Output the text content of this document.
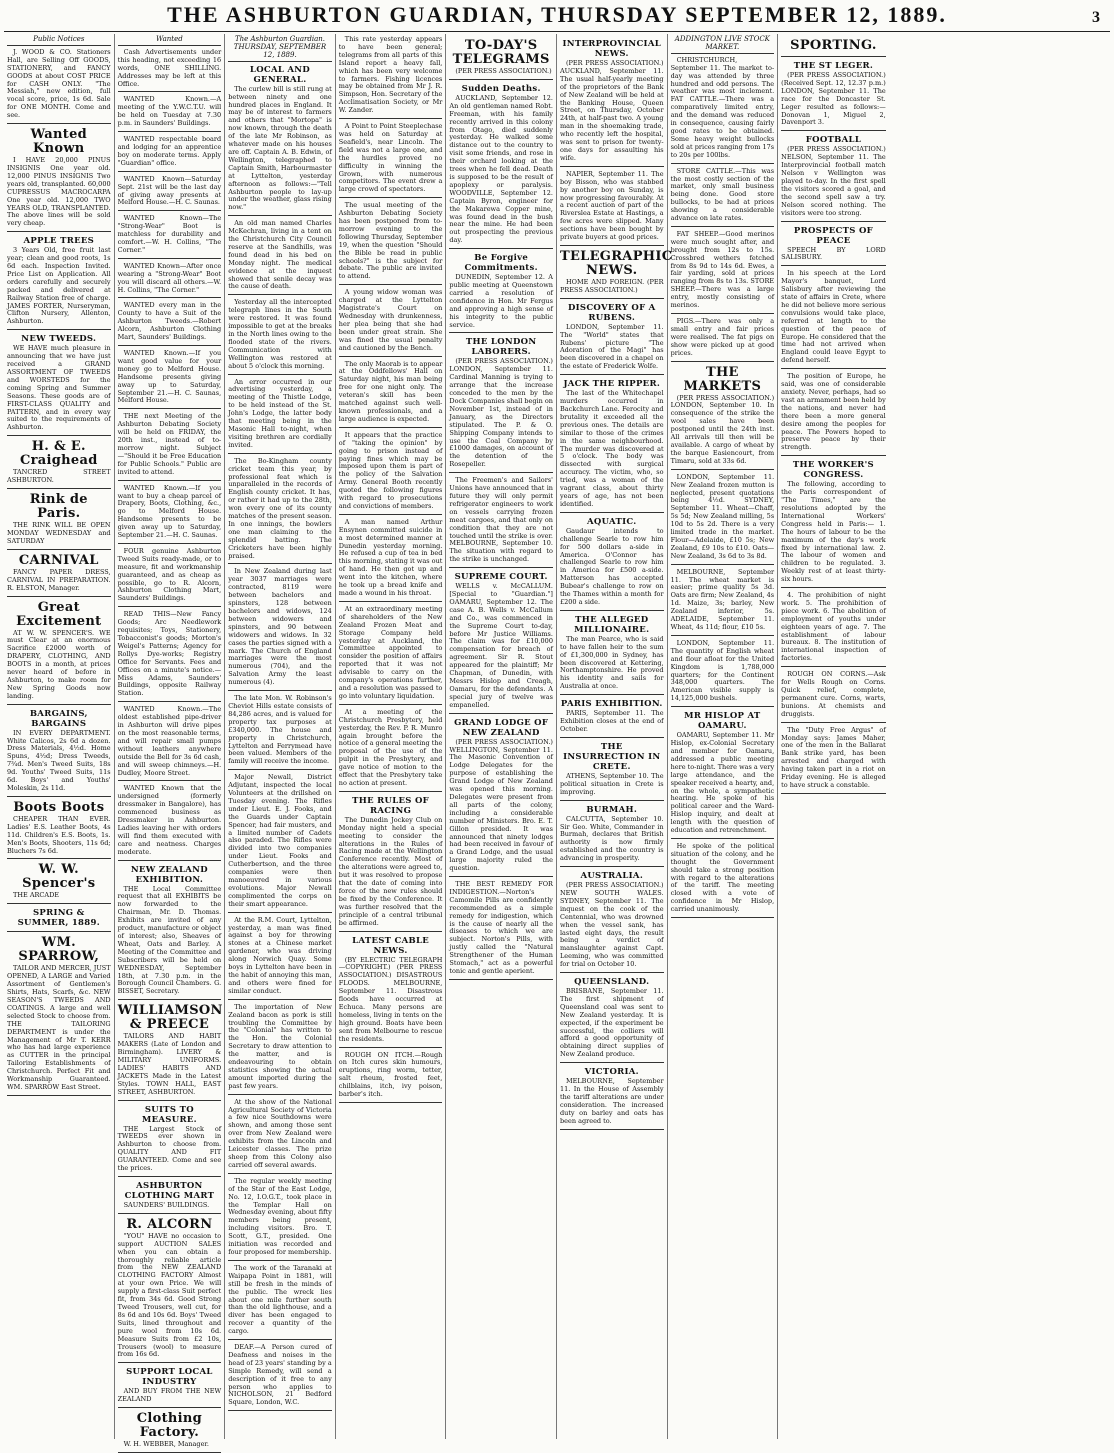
THE ASHBURTON GUARDIAN, THURSDAY SEPTEMBER 12, 1889.	3
Public Notices
J. WOOD & CO. Stationers Hall, are Selling Off GOODS, STATIONERY, and FANCY GOODS at about COST PRICE for CASH ONLY. "The Messiah," new edition, full vocal score, price, 1s 6d. Sale for ONE MONTH. Come and see.
Wanted Known
I HAVE 20,000 PINUS INSIGNIS One year old. 12,000 PINUS INSIGNIS Two years old, transplanted. 60,000 CUPRESSUS MACROCARPA One year old. 12,000 TWO YEARS OLD, TRANSPLANTED. The above lines will be sold very cheap.
APPLE TREES
3 Years Old, free fruit last year; clean and good roots, 1s 6d each. Inspection Invited. Price List on Application. All orders carefully and securely packed and delivered at Railway Station free of charge. JAMES FORTER, Nurseryman, Clifton Nursery, Allenton, Ashburton.
NEW TWEEDS.
WE HAVE much pleasure in announcing that we have just received a GRAND ASSORTMENT OF TWEEDS and WORSTEDS for the coming Spring and Summer Seasons. These goods are of FIRST-CLASS QUALITY and PATTERN, and in every way suited to the requirements of Ashburton.
H. & E. Craighead
TANCRED STREET ASHBURTON.
Rink de Paris.
THE RINK WILL BE OPEN MONDAY WEDNESDAY and SATURDAY
CARNIVAL
FANCY PAPER DRESS, CARNIVAL IN PREPARATION. R. ELSTON, Manager.
Great Excitement
AT W. W. SPENCER'S. WE must Clear at an enormous Sacrifice £2000 worth of DRAPERY, CLOTHING, AND BOOTS in a month, at prices never heard of before in Ashburton, to make room for New Spring Goods now landing.
BARGAINS, BARGAINS
IN EVERY DEPARTMENT. White Calicos, 2s 6d a dozen. Dress Materials, 4½d. Home Spuns, 4½d; Dress Tweeds, 7¾d. Men's Tweed Suits, 18s 9d. Youths' Tweed Suits, 11s 6d. Boys' and Youths' Moleskin, 2s 11d.
Boots Boots
CHEAPER THAN EVER. Ladies' E.S. Leather Boots, 4s 11d. Children's E.S. Boots, 1s. Men's Boots, Shooters, 11s 6d; Bluchers 7s 6d.
W. W. Spencer's
THE ARCADE
SPRING & SUMMER, 1889.
WM. SPARROW,
TAILOR AND MERCER, JUST OPENED, A LARGE and Varied Assortment of Gentlemen's Shirts, Hats, Scarfs, &c. NEW SEASON'S TWEEDS AND COATINGS. A large and well selected Stock to choose from. THE TAILORING DEPARTMENT is under the Management of Mr T. KERR who has had large experience as CUTTER in the principal Tailoring Establishments of Christchurch. Perfect Fit and Workmanship Guaranteed. WM. SPARROW East Street.
Wanted
Cash Advertisements under this heading, not exceeding 16 words, ONE SHILLING. Addresses may be left at this Office.
WANTED Known.—A meeting of the Y.W.C.T.U. will be held on Tuesday at 7.30 p.m. in Saunders' Buildings.
WANTED respectable board and lodging for an apprentice boy on moderate terms. Apply "Guardian" office.
WANTED Known—Saturday Sept. 21st will be the last day of giving away presents at Melford House.—H. C. Saunas.
WANTED Known—The "Strong-Wear" Boot is matchless for durability and comfort.—W. H. Collins, "The Corner."
WANTED Known—After once wearing a "Strong-Wear" Boot you will discard all others.—W. H. Collins, "The Corner."
WANTED every man in the County to have a Suit of the Ashburton Tweeds.—Robert Alcorn, Ashburton Clothing Mart, Saunders' Buildings.
WANTED Known.—If you want good value for your money go to Melford House. Handsome presents giving away up to Saturday, September 21.—H. C. Saunas, Melford House.
THE next Meeting of the Ashburton Debating Society will be held on FRIDAY, the 20th inst., instead of to-morrow night. Subject—"Should it be Free Education for Public Schools." Public are invited to attend.
WANTED Known.—If you want to buy a cheap parcel of Drapery, Boots, Clothing, &c., go to Melford House. Handsome presents to be given away up to Saturday, September 21.—H. C. Saunas.
FOUR genuine Ashburton Tweed Suits ready-made, or to measure, fit and workmanship guaranteed, and as cheap as possible, go to R. Alcorn, Ashburton Clothing Mart, Saunders' Buildings.
READ THIS—New Fancy Goods; Arc Needlework requisites; Toys, Stationery, Tobacconist's goods; Morton's Weigel's Patterns; Agency for Rollys Dye-works; Registry Office for Servants. Fees and Offices on a minute's notice.—Miss Adams, Saunders' Buildings, opposite Railway Station.
WANTED Known.—The oldest established pipe-driver in Ashburton will drive pipes on the most reasonable terms, and will repair small pumps without leathers anywhere outside the Bell for 3s 6d cash, and will sweep chimneys.—H. Dudley, Moore Street.
WANTED Known that the undersigned (formerly dressmaker in Bangalore), has commenced business as Dressmaker in Ashburton. Ladies leaving her with orders will find them executed with care and neatness. Charges moderate.
NEW ZEALAND EXHIBITION.
THE Local Committee request that all EXHIBITS be now forwarded to the Chairman, Mr. D. Thomas. Exhibits are invited of any product, manufacture or object of interest; also, Sheaves of Wheat, Oats and Barley. A Meeting of the Committee and Subscribers will be held on WEDNESDAY, September 18th, at 7.30 p.m. in the Borough Council Chambers. G. BISSET, Secretary.
WILLIAMSON & PREECE
TAILORS AND HABIT MAKERS (Late of London and Birmingham). LIVERY & MILITARY UNIFORMS. LADIES' HABITS AND JACKETS Made in the Latest Styles. TOWN HALL, EAST STREET, ASHBURTON.
SUITS TO MEASURE.
THE Largest Stock of TWEEDS ever shown in Ashburton to choose from. QUALITY AND FIT GUARANTEED. Come and see the prices.
ASHBURTON CLOTHING MART
SAUNDERS' BUILDINGS.
R. ALCORN
"YOU" HAVE no occasion to support AUCTION SALES when you can obtain a thoroughly reliable article from the NEW ZEALAND CLOTHING FACTORY Almost at your own Price. We will supply a first-class Suit perfect fit, from 34s 6d. Good Strong Tweed Trousers, well cut, for 8s 6d and 10s 6d. Boys' Tweed Suits, lined throughout and pure wool from 10s 6d. Measure Suits from £2 10s, Trousers (wool) to measure from 16s 6d.
SUPPORT LOCAL INDUSTRY
AND BUY FROM THE NEW ZEALAND
Clothing Factory.
W. H. WEBBER, Manager.
The Ashburton Guardian. THURSDAY, SEPTEMBER 12, 1889.
LOCAL AND GENERAL.
The curlew bill is still rung at between ninety and one hundred places in England. It may be of interest to farmers and others that "Mortopa" is now known, through the death of the late Mr Robinson, as whatever made on his houses are off. Captain A. B. Edwin, of Wellington, telegraphed to Captain Smith, Harbourmaster at Lyttelton, yesterday afternoon as follows:—"Tell Ashburton people to lay-up under the weather, glass rising now."
An old man named Charles McKechran, living in a tent on the Christchurch City Council reserve at the Sandhills, was found dead in his bed on Monday night. The medical evidence at the inquest showed that senile decay was the cause of death.
Yesterday all the intercepted telegraph lines in the South were restored. It was found impossible to get at the breaks in the North lines owing to the flooded state of the rivers. Communication with Wellington was restored at about 5 o'clock this morning.
An error occurred in our advertising yesterday, a meeting of the Thistle Lodge, to be held instead of the St. John's Lodge, the latter body that meeting being in the Masonic Hall to-night, when visiting brethren are cordially invited.
The Bo-Kingham county cricket team this year, by professional feat which is unparalleled in the records of English county cricket. It has, or rather it had up to the 28th, won every one of its county matches of the present season. In one innings, the bowlers one man claiming to the splendid batting. The Cricketers have been highly praised.
In New Zealand during last year 3037 marriages were contracted, 8119 were between bachelors and spinsters, 128 between bachelors and widows, 124 between widowers and spinsters, and 90 between widowers and widows. In 32 cases the parties signed with a mark. The Church of England marriages were the most numerous (704), and the Salvation Army the least numerous (4).
The late Mon. W. Robinson's Cheviot Hills estate consists of 84,286 acres, and is valued for property tax purposes at £340,000. The house and property in Christchurch, Lyttelton and Ferrymead have been valued. Members of the family will receive the income.
Major Newall, District Adjutant, inspected the local Volunteers at the drillshed on Tuesday evening. The Rifles under Lieut. E. J. Fooks, and the Guards under Captain Spencer, had fair musters, and a limited number of Cadets also paraded. The Rifles were divided into two companies under Lieut. Fooks and Cutherbertson, and the three companies were then manoeuvred in various evolutions. Major Newall complimented the corps on their smart appearance.
At the R.M. Court, Lyttelton, yesterday, a man was fined against a boy for throwing stones at a Chinese market gardener, who was driving along Norwich Quay. Some boys in Lyttelton have been in the habit of annoying this man, and others were fined for similar conduct.
The importation of New Zealand bacon as pork is still troubling the Committee by the "Colonial" has written to the Hon. the Colonial Secretary to draw attention to the matter, and is endeavouring to obtain statistics showing the actual amount imported during the past few years.
At the show of the National Agricultural Society of Victoria a few nice Southdowns were shown, and among those sent over from New Zealand were exhibits from the Lincoln and Leicester classes. The prize sheep from this Colony also carried off several awards.
The regular weekly meeting of the Star of the East Lodge, No. 12, I.O.G.T., took place in the Templar Hall on Wednesday evening, about fifty members being present, including visitors. Bro. T. Scott, G.T., presided. One initiation was recorded and four proposed for membership.
The work of the Taranaki at Waipapa Point in 1881, will still be fresh in the minds of the public. The wreck lies about one mile further south than the old lighthouse, and a diver has been engaged to recover a quantity of the cargo.
DEAF.—A Person cured of Deafness and noises in the head of 23 years' standing by a Simple Remedy, will send a description of it free to any person who applies to NICHOLSON, 21 Bedford Square, London, W.C.
This rate yesterday appears to have been general; telegrams from all parts of this Island report a heavy fall, which has been very welcome to farmers. Fishing licences may be obtained from Mr J. R. Simpson, Hon. Secretary of the Acclimatisation Society, or Mr W. Zander.
A Point to Point Steeplechase was held on Saturday at Seafield's, near Lincoln. The field was not a large one, and the hurdles proved no difficulty in winning the Grown, with numerous competitors. The event drew a large crowd of spectators.
The usual meeting of the Ashburton Debating Society has been postponed from to-morrow evening to the following Thursday, September 19, when the question "Should the Bible be read in public schools?" is the subject for debate. The public are invited to attend.
A young widow woman was charged at the Lyttelton Magistrate's Court on Wednesday with drunkenness, her plea being that she had been under great strain. She was fined the usual penalty and cautioned by the Bench.
The only Maorab is to appear at the Oddfellows' Hall on Saturday night, his man being free for one night only. The veteran's skill has been matched against such well-known professionals, and a large audience is expected.
It appears that the practice of "taking the opinion" by going to prison instead of paying fines which may be imposed upon them is part of the policy of the Salvation Army. General Booth recently quoted the following figures with regard to prosecutions and convictions of members.
A man named Arthur Ensynen committed suicide in a most determined manner at Dunedin yesterday morning. He refused a cup of tea in bed this morning, stating it was out of hand. He then got up and went into the kitchen, where he took up a bread knife and made a wound in his throat.
At an extraordinary meeting of shareholders of the New Zealand Frozen Meat and Storage Company held yesterday at Auckland, the Committee appointed to consider the position of affairs reported that it was not advisable to carry on the company's operations further, and a resolution was passed to go into voluntary liquidation.
At a meeting of the Christchurch Presbytery, held yesterday, the Rev. P. R. Munro again brought before the notice of a general meeting the proposal of the use of the pulpit in the Presbytery, and gave notice of motion to the effect that the Presbytery take no action at present.
THE RULES OF RACING
The Dunedin Jockey Club on Monday night held a special meeting to consider the alterations in the Rules of Racing made at the Wellington Conference recently. Most of the alterations were agreed to, but it was resolved to propose that the date of coming into force of the new rules should be fixed by the Conference. It was further resolved that the principle of a central tribunal be affirmed.
LATEST CABLE NEWS.
(BY ELECTRIC TELEGRAPH—COPYRIGHT.) (PER PRESS ASSOCIATION.) DISASTROUS FLOODS. MELBOURNE, September 11. Disastrous floods have occurred at Echuca. Many persons are homeless, living in tents on the high ground. Boats have been sent from Melbourne to rescue the residents.
ROUGH ON ITCH.—Rough on Itch cures skin humours, eruptions, ring worm, tetter, salt rheum, frosted feet, chilblains, itch, ivy poison, barber's itch.
TO-DAY'S TELEGRAMS
(PER PRESS ASSOCIATION.)
Sudden Deaths.
AUCKLAND, September 12. An old gentleman named Robt. Freeman, with his family recently arrived in this colony from Otago, died suddenly yesterday. He walked some distance out to the country to visit some friends, and rose in their orchard looking at the trees when he fell dead. Death is supposed to be the result of apoplexy or paralysis. WOODVILLE, September 12. Captain Byron, engineer for the Makarewa Copper mine, was found dead in the bush near the mine. He had been out prospecting the previous day.
Be Forgive Commitments.
DUNEDIN, September 12. A public meeting at Queenstown carried a resolution of confidence in Hon. Mr Fergus and approving a high sense of his integrity to the public service.
THE LONDON LABORERS.
(PER PRESS ASSOCIATION.) LONDON, September 11. Cardinal Manning is trying to arrange that the increase conceded to the men by the Dock Companies shall begin on November 1st, instead of in January, as the Directors stipulated. The P. & O. Shipping Company intends to use the Coal Company by £1000 damages, on account of the detention of the Rosepeller.
The Freemen's and Sailors' Unions have announced that in future they will only permit refrigerator engineers to work on vessels carrying frozen meat cargoes, and that only on condition that they are not touched until the strike is over. MELBOURNE, September 10. The situation with regard to the strike is unchanged.
SUPREME COURT.
WELLS v. McCALLUM. [Special to "Guardian."] OAMARU, September 12. The case A. B. Wells v. McCallum and Co., was commenced in the Supreme Court to-day, before Mr Justice Williams. The claim was for £10,000 compensation for breach of agreement. Sir R. Stout appeared for the plaintiff; Mr Chapman, of Dunedin, with Messrs Hislop and Creagh, Oamaru, for the defendants. A special jury of twelve was empanelled.
GRAND LODGE OF NEW ZEALAND
(PER PRESS ASSOCIATION.) WELLINGTON, September 11. The Masonic Convention of Lodge Delegates for the purpose of establishing the Grand Lodge of New Zealand was opened this morning. Delegates were present from all parts of the colony, including a considerable number of Ministers. Bro. E. T. Gillon presided. It was announced that ninety lodges had been received in favour of a Grand Lodge, and the usual large majority ruled the question.
THE BEST REMEDY FOR INDIGESTION.—Norton's Camomile Pills are confidently recommended as a simple remedy for indigestion, which is the cause of nearly all the diseases to which we are subject. Norton's Pills, with justly called the "Natural Strengthener of the Human Stomach," act as a powerful tonic and gentle aperient.
INTERPROVINCIAL NEWS.
(PER PRESS ASSOCIATION.) AUCKLAND, September 11. The usual half-yearly meeting of the proprietors of the Bank of New Zealand will be held at the Banking House, Queen Street, on Thursday, October 24th, at half-past two. A young man in the shoemaking trade, who recently left the hospital, was sent to prison for twenty-one days for assaulting his wife.
NAPIER, September 11. The boy Bisson, who was stabbed by another boy on Sunday, is now progressing favourably. At a recent auction of part of the Riverslea Estate at Hastings, a few acres were slipped. Many sections have been bought by private buyers at good prices.
TELEGRAPHIC NEWS.
HOME AND FOREIGN. (PER PRESS ASSOCIATION.)
DISCOVERY OF A RUBENS.
LONDON, September 11. The "World" states that Rubens' picture "The Adoration of the Magi" has been discovered in a chapel on the estate of Frederick Wolfe.
JACK THE RIPPER.
The last of the Whitechapel murders occurred in Backchurch Lane. Ferocity and brutality it exceeded all the previous ones. The details are similar to those of the crimes in the same neighbourhood. The murder was discovered at 5 o'clock. The body was dissected with surgical accuracy. The victim, who, so tried, was a woman of the vagrant class, about thirty years of age, has not been identified.
AQUATIC.
Gaudaur intends to challenge Searle to row him for 500 dollars a-side in America. O'Connor has challenged Searle to row him in America for £500 a-side. Matterson has accepted Bubear's challenge to row on the Thames within a month for £200 a side.
THE ALLEGED MILLIONAIRE.
The man Pearce, who is said to have fallen heir to the sum of £1,300,000 in Sydney, has been discovered at Kettering, Northamptonshire. He proved his identity and sails for Australia at once.
PARIS EXHIBITION.
PARIS, September 11. The Exhibition closes at the end of October.
THE INSURRECTION IN CRETE.
ATHENS, September 10. The political situation in Crete is improving.
BURMAH.
CALCUTTA, September 10. Sir Geo. White, Commander in Burmah, declares that British authority is now firmly established and the country is advancing in prosperity.
AUSTRALIA.
(PER PRESS ASSOCIATION.) NEW SOUTH WALES. SYDNEY, September 11. The inquest on the cook of the Centennial, who was drowned when the vessel sank, has lasted eight days, the result being a verdict of manslaughter against Capt. Leeming, who was committed for trial on October 10.
QUEENSLAND.
BRISBANE, September 11. The first shipment of Queensland coal was sent to New Zealand yesterday. It is expected, if the experiment be successful, the colliers will afford a good opportunity of obtaining direct supplies of New Zealand produce.
VICTORIA.
MELBOURNE, September 11. In the House of Assembly the tariff alterations are under consideration. The increased duty on barley and oats has been agreed to.
ADDINGTON LIVE STOCK MARKET.
CHRISTCHURCH, September 11. The market to-day was attended by three hundred and odd persons. The weather was most inclement. FAT CATTLE.—There was a comparatively limited entry, and the demand was reduced in consequence, causing fairly good rates to be obtained. Some heavy weight bullocks sold at prices ranging from 17s to 20s per 100lbs.
STORE CATTLE.—This was the most costly section of the market, only small business being done. Good store bullocks, to be had at prices showing a considerable advance on late rates.
FAT SHEEP.—Good merinos were much sought after, and brought from 12s to 15s. Crossbred wethers fetched from 8s 9d to 14s 6d. Ewes, a fair yarding, sold at prices ranging from 8s to 13s. STORE SHEEP.—There was a large entry, mostly consisting of merinos.
PIGS.—There was only a small entry and fair prices were realised. The fat pigs on show were picked up at good prices.
THE MARKETS
(PER PRESS ASSOCIATION.) LONDON, September 10. In consequence of the strike the wool sales have been postponed until the 24th inst. All arrivals till then will be available. A cargo of wheat by the barque Easiencourt, from Timaru, sold at 33s 6d.
LONDON, September 11. New Zealand frozen mutton is neglected, present quotations being 4½d. SYDNEY, September 11. Wheat—Chaff, 5s 5d; New Zealand milling, 5s 10d to 5s 2d. There is a very limited trade in the market. Flour—Adelaide, £10 5s; New Zealand, £9 10s to £10. Oats—New Zealand, 3s 6d to 3s 8d.
MELBOURNE, September 11. The wheat market is easier; prime quality 5s 3d. Oats are firm; New Zealand, 4s 1d. Maize, 3s; barley, New Zealand inferior, 5s. ADELAIDE, September 11. Wheat, 4s 11d; flour, £10 5s.
LONDON, September 11. The quantity of English wheat and flour afloat for the United Kingdom is 1,788,000 quarters; for the Continent 348,000 quarters. The American visible supply is 14,125,000 bushels.
MR HISLOP AT OAMARU.
OAMARU, September 11. Mr Hislop, ex-Colonial Secretary and member for Oamaru, addressed a public meeting here to-night. There was a very large attendance, and the speaker received a hearty, and, on the whole, a sympathetic hearing. He spoke of his political career and the Ward-Hislop inquiry, and dealt at length with the question of education and retrenchment.
He spoke of the political situation of the colony, and he thought the Government should take a strong position with regard to the alterations of the tariff. The meeting closed with a vote of confidence in Mr Hislop, carried unanimously.
SPORTING.
THE ST LEGER.
(PER PRESS ASSOCIATION.) (Received Sept. 12, 12.37 p.m.) LONDON, September 11. The race for the Doncaster St. Leger resulted as follows:— Donovan 1, Miguel 2, Davenport 3.
FOOTBALL
(PER PRESS ASSOCIATION.) NELSON, September 11. The Interprovincial football match Nelson v Wellington was played to-day. In the first spell the visitors scored a goal, and the second spell saw a try. Nelson scored nothing. The visitors were too strong.
PROSPECTS OF PEACE
SPEECH BY LORD SALISBURY.
In his speech at the Lord Mayor's banquet, Lord Salisbury after reviewing the state of affairs in Crete, where he did not believe more serious convulsions would take place, referred at length to the question of the peace of Europe. He considered that the time had not arrived when England could leave Egypt to defend herself.
The position of Europe, he said, was one of considerable anxiety. Never, perhaps, had so vast an armament been held by the nations, and never had there been a more general desire among the peoples for peace. The Powers hoped to preserve peace by their strength.
THE WORKER'S CONGRESS.
The following, according to the Paris correspondent of "The Times," are the resolutions adopted by the International Workers' Congress held in Paris:— 1. The hours of labour to be the maximum of the day's work fixed by international law. 2. The labour of women and children to be regulated. 3. Weekly rest of at least thirty-six hours.
4. The prohibition of night work. 5. The prohibition of piece work. 6. The abolition of employment of youths under eighteen years of age. 7. The establishment of labour bureaux. 8. The institution of international inspection of factories.
ROUGH ON CORNS.—Ask for Wells Rough on Corns. Quick relief, complete, permanent cure. Corns, warts, bunions. At chemists and druggists.
The "Duty Free Argus" of Monday says: James Maher, one of the men in the Ballarat Bank strike yard, has been arrested and charged with having taken part in a riot on Friday evening. He is alleged to have struck a constable.
